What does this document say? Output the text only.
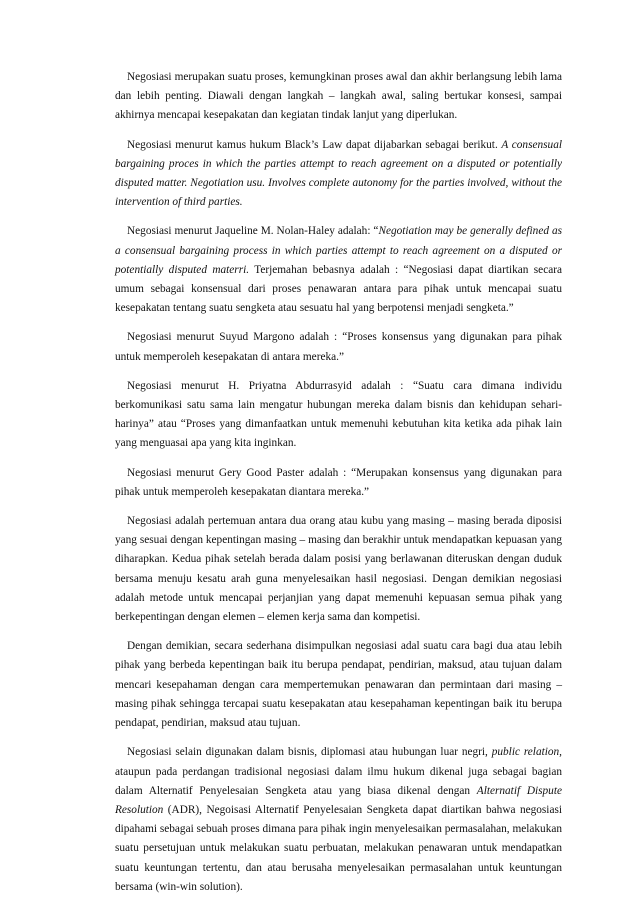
Negosiasi merupakan suatu proses, kemungkinan proses awal dan akhir berlangsung lebih lama dan lebih penting. Diawali dengan langkah – langkah awal, saling bertukar konsesi, sampai akhirnya mencapai kesepakatan dan kegiatan tindak lanjut yang diperlukan.

Negosiasi menurut kamus hukum Black’s Law dapat dijabarkan sebagai berikut. A consensual bargaining proces in which the parties attempt to reach agreement on a disputed or potentially disputed matter. Negotiation usu. Involves complete autonomy for the parties involved, without the intervention of third parties.

Negosiasi menurut Jaqueline M. Nolan-Haley adalah: “Negotiation may be generally defined as a consensual bargaining process in which parties attempt to reach agreement on a disputed or potentially disputed materri. Terjemahan bebasnya adalah : “Negosiasi dapat diartikan secara umum sebagai konsensual dari proses penawaran antara para pihak untuk mencapai suatu kesepakatan tentang suatu sengketa atau sesuatu hal yang berpotensi menjadi sengketa.”

Negosiasi menurut Suyud Margono adalah : “Proses konsensus yang digunakan para pihak untuk memperoleh kesepakatan di antara mereka.”

Negosiasi menurut H. Priyatna Abdurrasyid adalah : “Suatu cara dimana individu berkomunikasi satu sama lain mengatur hubungan mereka dalam bisnis dan kehidupan sehari-harinya” atau “Proses yang dimanfaatkan untuk memenuhi kebutuhan kita ketika ada pihak lain yang menguasai apa yang kita inginkan.

Negosiasi menurut Gery Good Paster adalah : “Merupakan konsensus yang digunakan para pihak untuk memperoleh kesepakatan diantara mereka.”

Negosiasi adalah pertemuan antara dua orang atau kubu yang masing – masing berada diposisi yang sesuai dengan kepentingan masing – masing dan berakhir untuk mendapatkan kepuasan yang diharapkan. Kedua pihak setelah berada dalam posisi yang berlawanan diteruskan dengan duduk bersama menuju kesatu arah guna menyelesaikan hasil negosiasi. Dengan demikian negosiasi adalah metode untuk mencapai perjanjian yang dapat memenuhi kepuasan semua pihak yang berkepentingan dengan elemen – elemen kerja sama dan kompetisi.

Dengan demikian, secara sederhana disimpulkan negosiasi adal suatu cara bagi dua atau lebih pihak yang berbeda kepentingan baik itu berupa pendapat, pendirian, maksud, atau tujuan dalam mencari kesepahaman dengan cara mempertemukan penawaran dan permintaan dari masing – masing pihak sehingga tercapai suatu kesepakatan atau kesepahaman kepentingan baik itu berupa pendapat, pendirian, maksud atau tujuan.

Negosiasi selain digunakan dalam bisnis, diplomasi atau hubungan luar negri, public relation, ataupun pada perdangan tradisional negosiasi dalam ilmu hukum dikenal juga sebagai bagian dalam Alternatif Penyelesaian Sengketa atau yang biasa dikenal dengan Alternatif Dispute Resolution (ADR), Negoisasi Alternatif Penyelesaian Sengketa dapat diartikan bahwa negosiasi dipahami sebagai sebuah proses dimana para pihak ingin menyelesaikan permasalahan, melakukan suatu persetujuan untuk melakukan suatu perbuatan, melakukan penawaran untuk mendapatkan suatu keuntungan tertentu, dan atau berusaha menyelesaikan permasalahan untuk keuntungan bersama (win-win solution).
